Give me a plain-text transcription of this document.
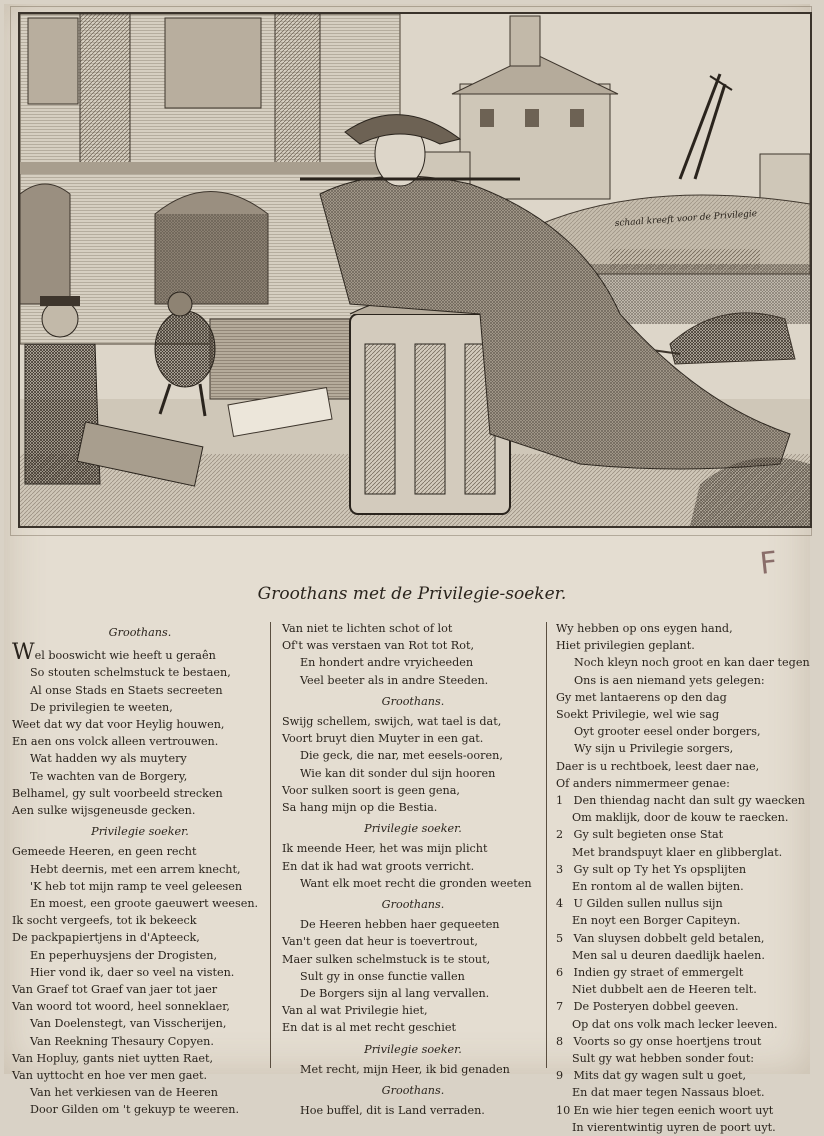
schaal kreeft voor de Privilegie
F
Groothans met de Privilegie-soeker.
Groothans.
Wel booswicht wie heeft u geraên
So stouten schelmstuck te bestaen,
Al onse Stads en Staets secreeten
De privilegien te weeten,
Weet dat wy dat voor Heylig houwen,
En aen ons volck alleen vertrouwen.
Wat hadden wy als muytery
Te wachten van de Borgery,
Belhamel, gy sult voorbeeld strecken
Aen sulke wijsgeneusde gecken.
Privilegie soeker.
Gemeede Heeren, en geen recht
Hebt deernis, met een arrem knecht,
'K heb tot mijn ramp te veel geleesen
En moest, een groote gaeuwert weesen.
Ik socht vergeefs, tot ik bekeeck
De packpapiertjens in d'Apteeck,
En peperhuysjens der Drogisten,
Hier vond ik, daer so veel na visten.
Van Graef tot Graef van jaer tot jaer
Van woord tot woord, heel sonneklaer,
Van Doelenstegt, van Visscherijen,
Van Reekning Thesaury Copyen.
Van Hopluy, gants niet uytten Raet,
Van uyttocht en hoe ver men gaet.
Van het verkiesen van de Heeren
Door Gilden om 't gekuyp te weeren.
Van niet te lichten schot of lot
Of't was verstaen van Rot tot Rot,
En hondert andre vryicheeden
Veel beeter als in andre Steeden.
Groothans.
Swijg schellem, swijch, wat tael is dat,
Voort bruyt dien Muyter in een gat.
Die geck, die nar, met eesels-ooren,
Wie kan dit sonder dul sijn hooren
Voor sulken soort is geen gena,
Sa hang mijn op die Bestia.
Privilegie soeker.
Ik meende Heer, het was mijn plicht
En dat ik had wat groots verricht.
Want elk moet recht die gronden weeten
Groothans.
De Heeren hebben haer gequeeten
Van't geen dat heur is toevertrout,
Maer sulken schelmstuck is te stout,
Sult gy in onse functie vallen
De Borgers sijn al lang vervallen.
Van al wat Privilegie hiet,
En dat is al met recht geschiet
Privilegie soeker.
Met recht, mijn Heer, ik bid genaden
Groothans.
Hoe buffel, dit is Land verraden.
Wy hebben op ons eygen hand,
Hiet privilegien geplant.
Noch kleyn noch groot en kan daer tegen
Ons is aen niemand yets gelegen:
Gy met lantaerens op den dag
Soekt Privilegie, wel wie sag
Oyt grooter eesel onder borgers,
Wy sijn u Privilegie sorgers,
Daer is u rechtboek, leest daer nae,
Of anders nimmermeer genae:
1 Den thiendag nacht dan sult gy waecken
Om maklijk, door de kouw te raecken.
2 Gy sult begieten onse Stat
Met brandspuyt klaer en glibberglat.
3 Gy sult op Ty het Ys opsplijten
En rontom al de wallen bijten.
4 U Gilden sullen nullus sijn
En noyt een Borger Capiteyn.
5 Van sluysen dobbelt geld betalen,
Men sal u deuren daedlijk haelen.
6 Indien gy straet of emmergelt
Niet dubbelt aen de Heeren telt.
7 De Posteryen dobbel geeven.
Op dat ons volk mach lecker leeven.
8 Voorts so gy onse hoertjens trout
Sult gy wat hebben sonder fout:
9 Mits dat gy wagen sult u goet,
En dat maer tegen Nassaus bloet.
10 En wie hier tegen eenich woort uyt
In vierentwintig uyren de poort uyt.
